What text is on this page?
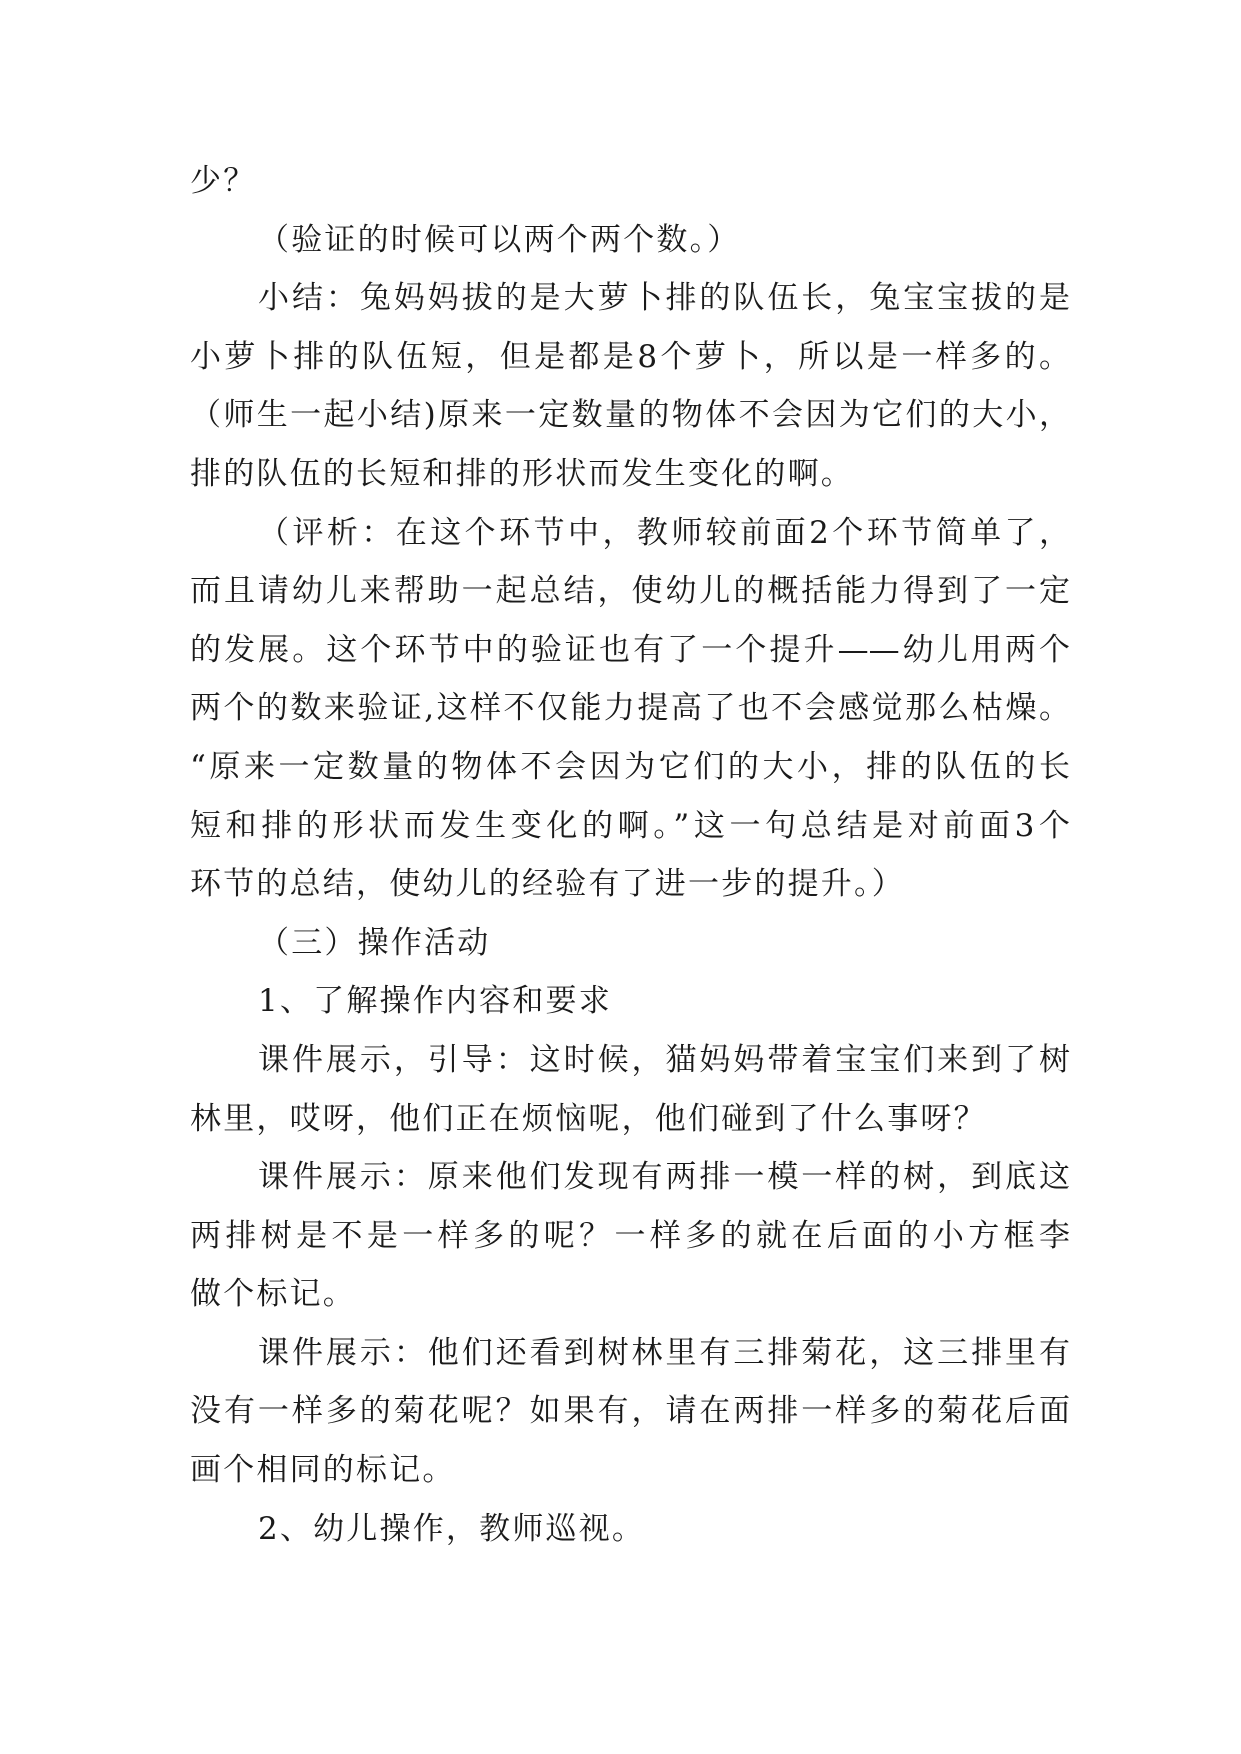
少？
（验证的时候可以两个两个数。）
小结：兔妈妈拔的是大萝卜排的队伍长，兔宝宝拔的是
小萝卜排的队伍短，但是都是8个萝卜，所以是一样多的。
（师生一起小结)原来一定数量的物体不会因为它们的大小，
排的队伍的长短和排的形状而发生变化的啊。
（评析：在这个环节中，教师较前面2个环节简单了，
而且请幼儿来帮助一起总结，使幼儿的概括能力得到了一定
的发展。这个环节中的验证也有了一个提升——幼儿用两个
两个的数来验证,这样不仅能力提高了也不会感觉那么枯燥。
“原来一定数量的物体不会因为它们的大小，排的队伍的长
短和排的形状而发生变化的啊。”这一句总结是对前面3个
环节的总结，使幼儿的经验有了进一步的提升。）
（三）操作活动
1、了解操作内容和要求
课件展示，引导：这时候，猫妈妈带着宝宝们来到了树
林里，哎呀，他们正在烦恼呢，他们碰到了什么事呀？
课件展示：原来他们发现有两排一模一样的树，到底这
两排树是不是一样多的呢？一样多的就在后面的小方框李
做个标记。
课件展示：他们还看到树林里有三排菊花，这三排里有
没有一样多的菊花呢？如果有，请在两排一样多的菊花后面
画个相同的标记。
2、幼儿操作，教师巡视。
